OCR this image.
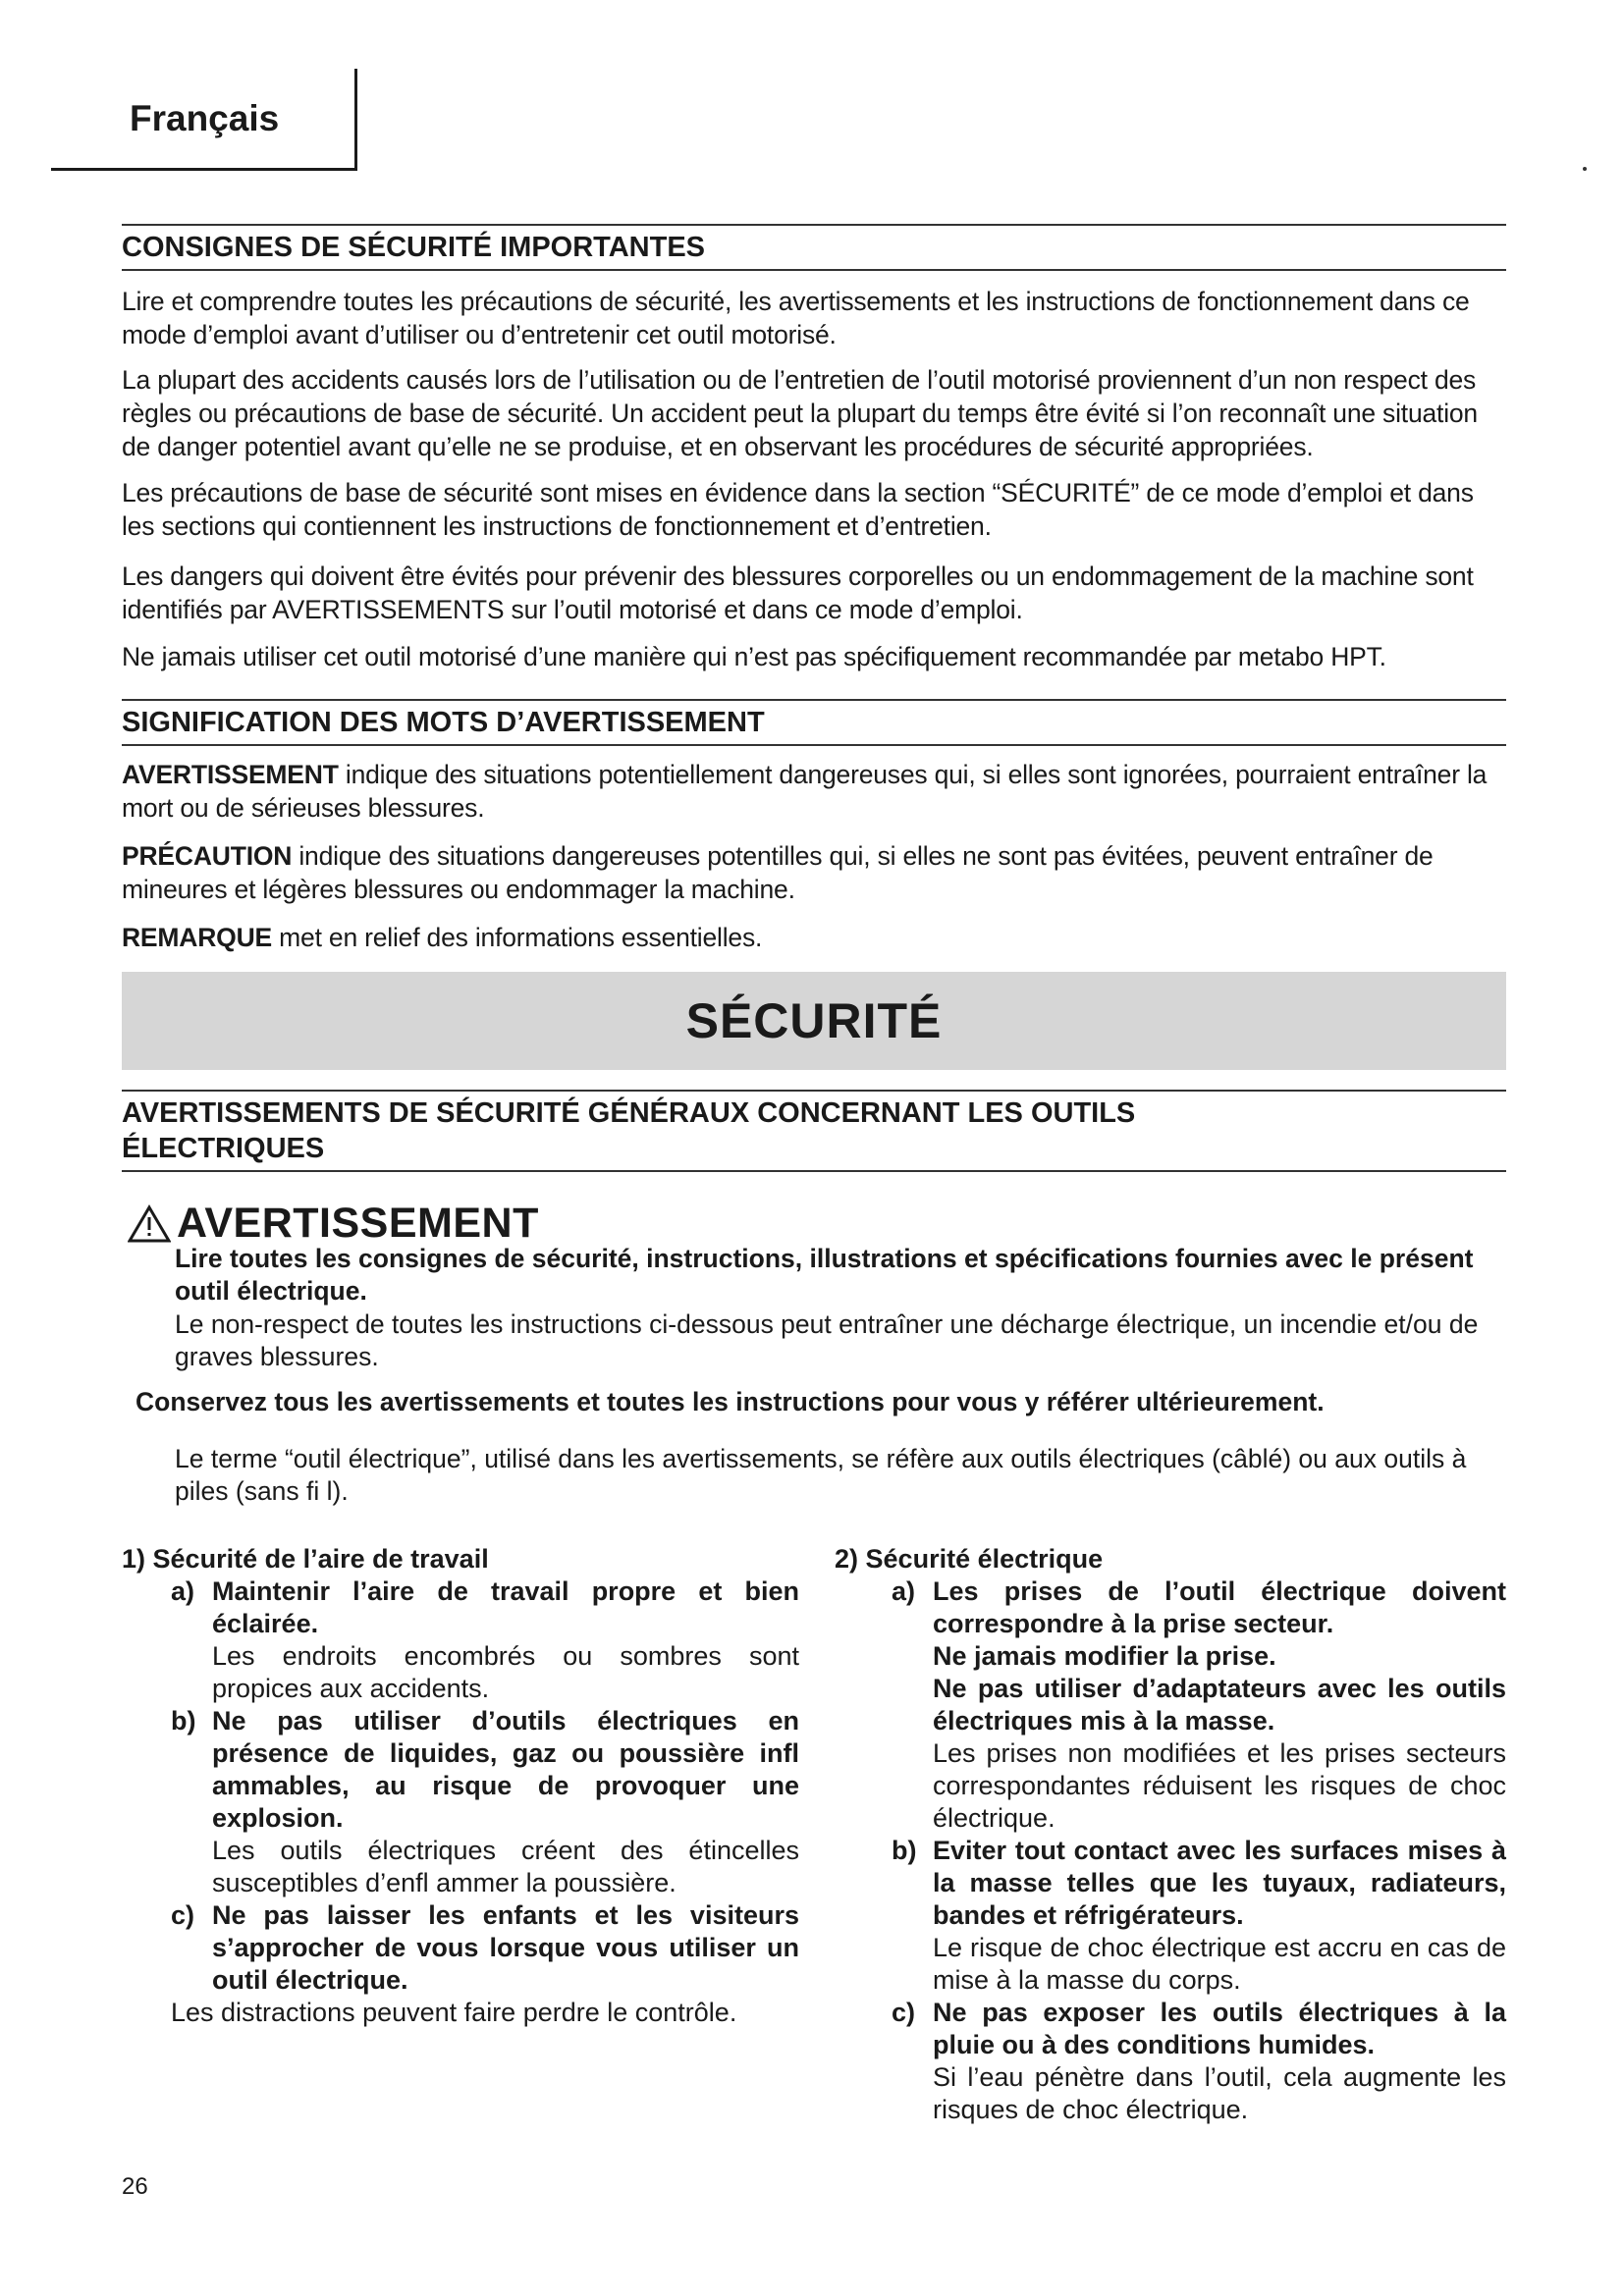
Français
CONSIGNES DE SÉCURITÉ IMPORTANTES

Lire et comprendre toutes les précautions de sécurité, les avertissements et les instructions de fonctionnement dans ce mode d’emploi avant d’utiliser ou d’entretenir cet outil motorisé.

La plupart des accidents causés lors de l’utilisation ou de l’entretien de l’outil motorisé proviennent d’un non respect des règles ou précautions de base de sécurité. Un accident peut la plupart du temps être évité si l’on reconnaît une situation de danger potentiel avant qu’elle ne se produise, et en observant les procédures de sécurité appropriées.

Les précautions de base de sécurité sont mises en évidence dans la section “SÉCURITÉ” de ce mode d’emploi et dans les sections qui contiennent les instructions de fonctionnement et d’entretien.

Les dangers qui doivent être évités pour prévenir des blessures corporelles ou un endommagement de la machine sont identifiés par AVERTISSEMENTS sur l’outil motorisé et dans ce mode d’emploi.

Ne jamais utiliser cet outil motorisé d’une manière qui n’est pas spécifiquement recommandée par metabo HPT.

SIGNIFICATION DES MOTS D’AVERTISSEMENT

AVERTISSEMENT indique des situations potentiellement dangereuses qui, si elles sont ignorées, pourraient entraîner la mort ou de sérieuses blessures.

PRÉCAUTION indique des situations dangereuses potentilles qui, si elles ne sont pas évitées, peuvent entraîner de mineures et légères blessures ou endommager la machine.

REMARQUE met en relief des informations essentielles.

SÉCURITÉ
AVERTISSEMENTS DE SÉCURITÉ GÉNÉRAUX CONCERNANT LES OUTILS
ÉLECTRIQUES
AVERTISSEMENT

Lire toutes les consignes de sécurité, instructions, illustrations et spécifications fournies avec le présent outil électrique.

Le non-respect de toutes les instructions ci-dessous peut entraîner une décharge électrique, un incendie et/ou de graves blessures.

Conservez tous les avertissements et toutes les instructions pour vous y référer ultérieurement.

Le terme “outil électrique”, utilisé dans les avertissements, se réfère aux outils électriques (câblé) ou aux outils à piles (sans fi l).

1) Sécurité de l’aire de travail

a) Maintenir l’aire de travail propre et bien éclairée.

Les endroits encombrés ou sombres sont propices aux accidents.

b) Ne pas utiliser d’outils électriques en présence de liquides, gaz ou poussière infl ammables, au risque de provoquer une explosion.

Les outils électriques créent des étincelles susceptibles d’enfl ammer la poussière.

c) Ne pas laisser les enfants et les visiteurs s’approcher de vous lorsque vous utiliser un outil électrique.

Les distractions peuvent faire perdre le contrôle.

2) Sécurité électrique

a) Les prises de l’outil électrique doivent correspondre à la prise secteur.

Ne jamais modifier la prise.

Ne pas utiliser d’adaptateurs avec les outils électriques mis à la masse.

Les prises non modifiées et les prises secteurs correspondantes réduisent les risques de choc électrique.

b) Eviter tout contact avec les surfaces mises à la masse telles que les tuyaux, radiateurs, bandes et réfrigérateurs.

Le risque de choc électrique est accru en cas de mise à la masse du corps.

c) Ne pas exposer les outils électriques à la pluie ou à des conditions humides.

Si l’eau pénètre dans l’outil, cela augmente les risques de choc électrique.

26
